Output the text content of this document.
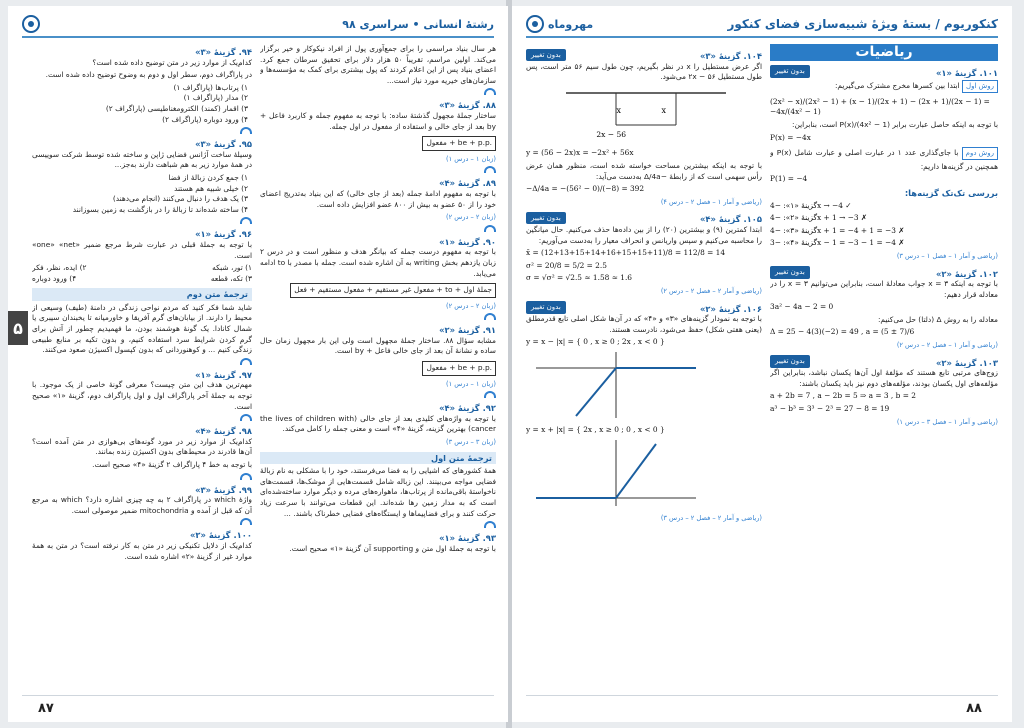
رشتهٔ انسانی • سراسری ۹۸
۵
هر سال بنیاد مراسمی را برای جمع‌آوری پول از افراد نیکوکار و خیر برگزار می‌کند. اولین مراسم، تقریباً ۵۰ هزار دلار برای تحقیق سرطان جمع کرد. اعضای بنیاد پس از این اعلام کردند که پول بیشتری برای کمک به مؤسسه‌ها و سازمان‌های خیریه مورد نیاز است...
۸۸. گزینهٔ «۳»
ساختار جملهٔ مجهول گذشتهٔ ساده: با توجه به مفهوم جمله و کاربرد فاعل + by بعد از جای خالی و استفاده از مفعول در اول جمله.
مفعول + be + p.p.
(زبان ۱ – درس ۱)
۸۹. گزینهٔ «۴»
با توجه به مفهوم ادامهٔ جمله (بعد از جای خالی) که این بنیاد به‌تدریج اعضای خود را از ۵۰ عضو به بیش از ۸۰۰ عضو افزایش داده است.
(زبان ۲ – درس ۲)
۹۰. گزینهٔ «۱»
با توجه به مفهوم درست جمله که بیانگر هدف و منظور است و در درس ۲ زبان یازدهم بخش writing به آن اشاره شده است. جمله با مصدر با to ادامه می‌یابد.
مفعول غیر مستقیم + مفعول مستقیم + فعل + to + جملهٔ اول
(زبان ۲ – درس ۲)
۹۱. گزینهٔ «۲»
مشابه سؤال ۸۸. ساختار جملهٔ مجهول است ولی این بار مجهول زمان حال ساده و نشانهٔ آن بعد از جای خالی فاعل + by است.
مفعول + be + p.p.
(زبان ۱ – درس ۱)
۹۲. گزینهٔ «۴»
با توجه به واژه‌های کلیدی بعد از جای خالی (the lives of children with cancer) بهترین گزینه، گزینهٔ «۴» است و معنی جمله را کامل می‌کند.
(زبان ۳ – درس ۳)
ترجمهٔ متن اول
همهٔ کشورهای که اشیایی را به فضا می‌فرستند، خود را با مشکلی به نام زبالهٔ فضایی مواجه می‌بینند. این زباله شامل قسمت‌هایی از موشک‌ها، قسمت‌های ناخواستهٔ باقی‌مانده از پرتاب‌ها، ماهواره‌های مرده و دیگر موارد ساخته‌شده‌ای است که به مدار زمین رها شده‌اند. این قطعات می‌توانند با سرعت زیاد حرکت کنند و برای فضاپیماها و ایستگاه‌های فضایی خطرناک باشند. ...
۹۳. گزینهٔ «۱»
با توجه به جملهٔ اول متن و supporting آن گزینهٔ «۱» صحیح است.
۹۴. گزینهٔ «۳»
کدام‌یک از موارد زیر در متن توضیح داده شده است؟
در پاراگراف دوم، سطر اول و دوم به وضوح توضیح داده شده است.
۱) پرتاب‌ها (پاراگراف ۱)
۲) مدار (پاراگراف ۱)
۳) اقمار (کمند) الکترومغناطیسی (پاراگراف ۲)
۴) ورود دوباره (پاراگراف ۲)
۹۵. گزینهٔ «۳»
وسیلهٔ ساخت آژانس فضایی ژاپن و ساخته شده توسط شرکت سوییسی در همهٔ موارد زیر به هم شباهت دارند به‌جز...
۱) جمع کردن زبالهٔ از فضا
۲) خیلی شبیه هم هستند
۳) یک هدف را دنبال می‌کنند (انجام می‌دهند)
۴) ساخته شده‌اند تا زبالهٔ را در بازگشت به زمین بسوزانند
۹۶. گزینهٔ «۱»
با توجه به جملهٔ قبلی در عبارت شرط مرجع ضمیر «one» «net» است.
۱) تور، شبکه
۲) ایده، نظر، فکر
۳) تکه، قطعه
۴) ورود دوباره
ترجمهٔ متن دوم
شاید شما فکر کنید که مردم نواحی زندگی در دامنهٔ (طیف) وسیعی از محیط را دارند. از بیابان‌های گرم آفریقا و خاورمیانه تا یخبندان سیبری یا شمال کانادا. یک گونهٔ هوشمند بودن، ما فهمیدیم چطور از آتش برای گرم کردن شرایط سرد استفاده کنیم، و بدون تکیه بر منابع طبیعی زندگی کنیم ... و کوهنوردانی که بدون کپسول اکسیژن صعود می‌کنند.
۹۷. گزینهٔ «۱»
مهم‌ترین هدف این متن چیست؟ معرفی گونهٔ خاصی از یک موجود. با توجه به جملهٔ آخر پاراگراف اول و اول پاراگراف دوم، گزینهٔ «۱» صحیح است.
۹۸. گزینهٔ «۴»
کدام‌یک از موارد زیر در مورد گونه‌های بی‌هوازی در متن آمده است؟ آن‌ها قادرند در محیط‌های بدون اکسیژن زنده بمانند.
با توجه به خط ۴ پاراگراف ۲ گزینهٔ «۴» صحیح است.
۹۹. گزینهٔ «۳»
واژهٔ which در پاراگراف ۲ به چه چیزی اشاره دارد؟ which به مرجع آن که قبل از آمده و mitochondria ضمیر موصولی است.
۱۰۰. گزینهٔ «۲»
کدام‌یک از دلایل تکنیکی زیر در متن به کار نرفته است؟ در متن به همهٔ موارد غیر از گزینهٔ «۲» اشاره شده است.
۸۷
مهرو‌ماه	کنکوریوم / بستهٔ ویژهٔ شبیه‌سازی فضای کنکور
ریاضیات
۱۰۱. گزینهٔ «۱»
بدون تغییر
روش اول ابتدا بین کسرها مخرج مشترک می‌گیریم:
(2x² − x)/(2x² − 1) + (x − 1)/(2x + 1) − (2x + 1)/(2x − 1) = −4x/(4x² − 1)
با توجه به اینکه حاصل عبارت برابر P(x)/(4x² − 1) است، بنابراین:
P(x) = −4x
روش دوم با جای‌گذاری عدد ۱ در عبارت اصلی و عبارت شامل P(x) و همچنین در گزینه‌ها داریم:
P(1) = −4
بررسی تک‌تک گزینه‌ها:
گزینهٔ «۱»: −4x → −4 ✓
گزینهٔ «۲»: −4x + 1 → −3 ✗
گزینهٔ «۳»: −4x + 1 = −4 + 1 = −3 ✗
گزینهٔ «۴»: −3x − 1 = −3 − 1 = −4 ✗
(ریاضی و آمار ۱ – فصل ۱ – درس ۳)
۱۰۲. گزینهٔ «۲»
بدون تغییر
با توجه به اینکه x = ۳ جواب معادلهٔ است، بنابراین می‌توانیم x = ۳ را در معادله قرار دهیم:
3a² − 4a − 2 = 0
معادله را به روش Δ (دلتا) حل می‌کنیم:
Δ = 25 − 4(3)(−2) = 49 , a = (5 ± 7)/6
(ریاضی و آمار ۱ – فصل ۲ – درس ۲)
۱۰۳. گزینهٔ «۲»
بدون تغییر
زوج‌های مرتبی تابع هستند که مؤلفهٔ اول آن‌ها یکسان نباشد، بنابراین اگر مؤلفه‌های اول یکسان بودند، مؤلفه‌های دوم نیز باید یکسان باشند:
a + 2b = 7 , a − 2b = 5 ⇒ a = 3 , b = 2
a³ − b³ = 3³ − 2³ = 27 − 8 = 19
(ریاضی و آمار ۱ – فصل ۳ – درس ۱)
۱۰۴. گزینهٔ «۳»
بدون تغییر
اگر عرض مستطیل را x در نظر بگیریم، چون طول سیم ۵۶ متر است، پس طول مستطیل ۵۶ − ۲x می‌شود.
x	x
56 − 2x
y = (56 − 2x)x = −2x² + 56x
با توجه به اینکه بیشترین مساحت خواسته شده است، منظور همان عرض رأس سهمی است که از رابطهٔ −Δ/4a به‌دست می‌آید:
−Δ/4a = −(56² − 0)/(−8) = 392
(ریاضی و آمار ۱ – فصل ۲ – درس ۴)
۱۰۵. گزینهٔ «۴»
بدون تغییر
ابتدا کمترین (۹) و بیشترین (۲۰) را از بین داده‌ها حذف می‌کنیم. حال میانگین را محاسبه می‌کنیم و سپس واریانس و انحراف معیار را به‌دست می‌آوریم:
x̄ = (12+13+15+14+16+15+15+11)/8 = 112/8 = 14
σ² = 20/8 = 5/2 = 2.5
σ = √σ² = √2.5 ≈ 1.58 ≈ 1.6
(ریاضی و آمار ۲ – فصل ۲ – درس ۲)
۱۰۶. گزینهٔ «۲»
بدون تغییر
با توجه به نمودار گزینه‌های «۳» و «۴» که در آن‌ها شکل اصلی تابع قدرمطلق (یعنی هفتی شکل) حفظ می‌شود، نادرست هستند.
y = x − |x| = { 0 , x ≥ 0 ; 2x , x < 0 }
y = x + |x| = { 2x , x ≥ 0 ; 0 , x < 0 }
(ریاضی و آمار ۲ – فصل ۲ – درس ۳)
۸۸
